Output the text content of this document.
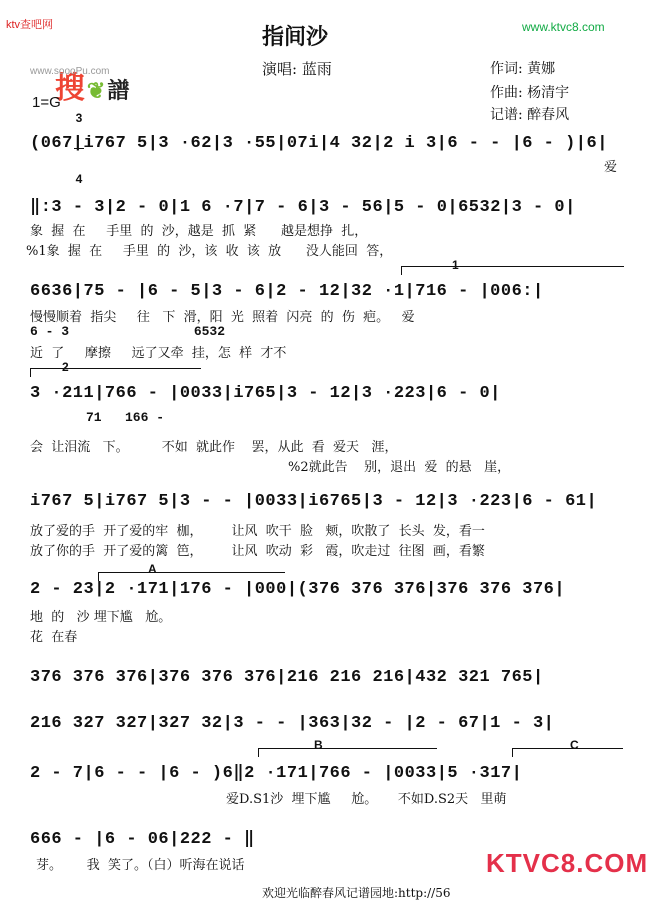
ktv查吧网

搜❦譜

www.soooPu.com
www.ktvc8.com
指间沙
演唱: 蓝雨	作词: 黄娜
作曲: 杨清宇
记谱: 醉春风
1=G

3

4

(067|i767 5|3 ·62|3 ·55|07i|4 32|2 i 3|6 - - |6 - )|6|
爱
‖:3 - 3|2 - 0|1 6 ·7|7 - 6|3 - 56|5 - 0|6532|3 - 0|
象  握  在     手里  的  沙，越是  抓  紧      越是想挣  扎，
%1象  握  在     手里  的  沙，该  收  该  放      没人能回  答，
1
6636|75 - |6 - 5|3 - 6|2 - 12|32 ·1|716 - |006:|
慢慢顺着  指尖     往   下  滑，阳  光  照着  闪亮  的  伤  疤。   爱
6 - 3                6532
近  了     摩擦     远了又牵  挂，怎  样  才不
2
3 ·211|766 - |0033|i765|3 - 12|3 ·223|6 - 0|
71   166 -
会  让泪流   下。        不如  就此作    罢，从此  看  爱天   涯，
%2就此告    别，退出  爱  的悬   崖，
i767 5|i767 5|3 - - |0033|i6765|3 - 12|3 ·223|6 - 61|
放了爱的手  开了爱的牢  枷，       让风  吹干  脸   颊，吹散了  长头  发，看一
放了你的手  开了爱的篱  笆，       让风  吹动  彩   霞，吹走过  往图  画，看繁
A
2 - 23|2 ·171|176 - |000|(376 376 376|376 376 376|
地  的   沙 埋下尴   尬。
花  在春
376 376 376|376 376 376|216 216 216|432 321 765|
216 327 327|327 32|3 - - |363|32 - |2 - 67|1 - 3|
B	C
2 - 7|6 - - |6 - )6‖2 ·171|766 - |0033|5 ·317|
爱D.S1沙  埋下尴     尬。     不如D.S2天   里萌
666 - |6 - 06|222 - ‖
芽。      我  笑了。（白）听海在说话	KTVC8.COM
欢迎光临醉春风记谱园地:http://56
